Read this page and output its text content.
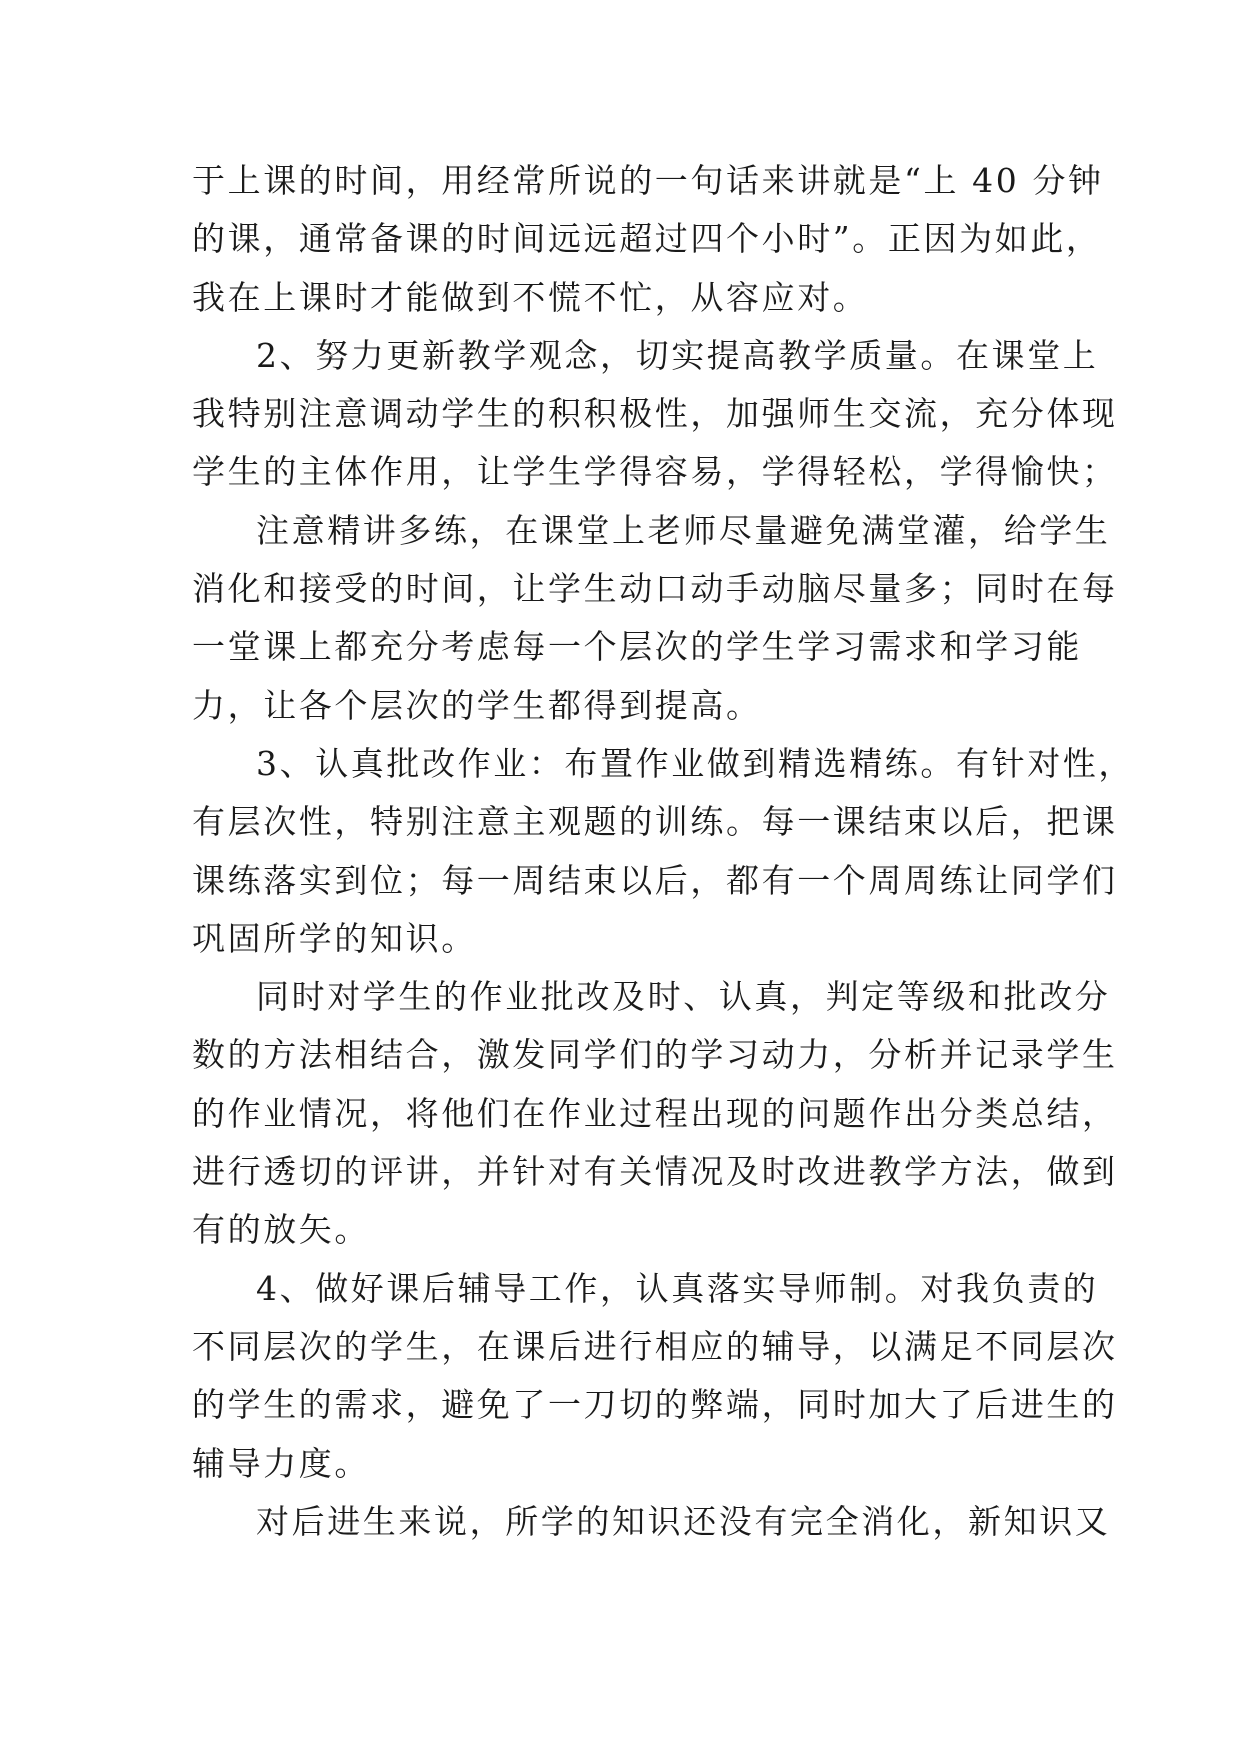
于上课的时间，用经常所说的一句话来讲就是“上 40 分钟

的课，通常备课的时间远远超过四个小时”。正因为如此，

我在上课时才能做到不慌不忙，从容应对。

2、努力更新教学观念，切实提高教学质量。在课堂上

我特别注意调动学生的积积极性，加强师生交流，充分体现

学生的主体作用，让学生学得容易，学得轻松，学得愉快；

注意精讲多练，在课堂上老师尽量避免满堂灌，给学生

消化和接受的时间，让学生动口动手动脑尽量多；同时在每

一堂课上都充分考虑每一个层次的学生学习需求和学习能

力，让各个层次的学生都得到提高。

3、认真批改作业：布置作业做到精选精练。有针对性，

有层次性，特别注意主观题的训练。每一课结束以后，把课

课练落实到位；每一周结束以后，都有一个周周练让同学们

巩固所学的知识。

同时对学生的作业批改及时、认真，判定等级和批改分

数的方法相结合，激发同学们的学习动力，分析并记录学生

的作业情况，将他们在作业过程出现的问题作出分类总结，

进行透切的评讲，并针对有关情况及时改进教学方法，做到

有的放矢。

4、做好课后辅导工作，认真落实导师制。对我负责的

不同层次的学生，在课后进行相应的辅导，以满足不同层次

的学生的需求，避免了一刀切的弊端，同时加大了后进生的

辅导力度。

对后进生来说，所学的知识还没有完全消化，新知识又
